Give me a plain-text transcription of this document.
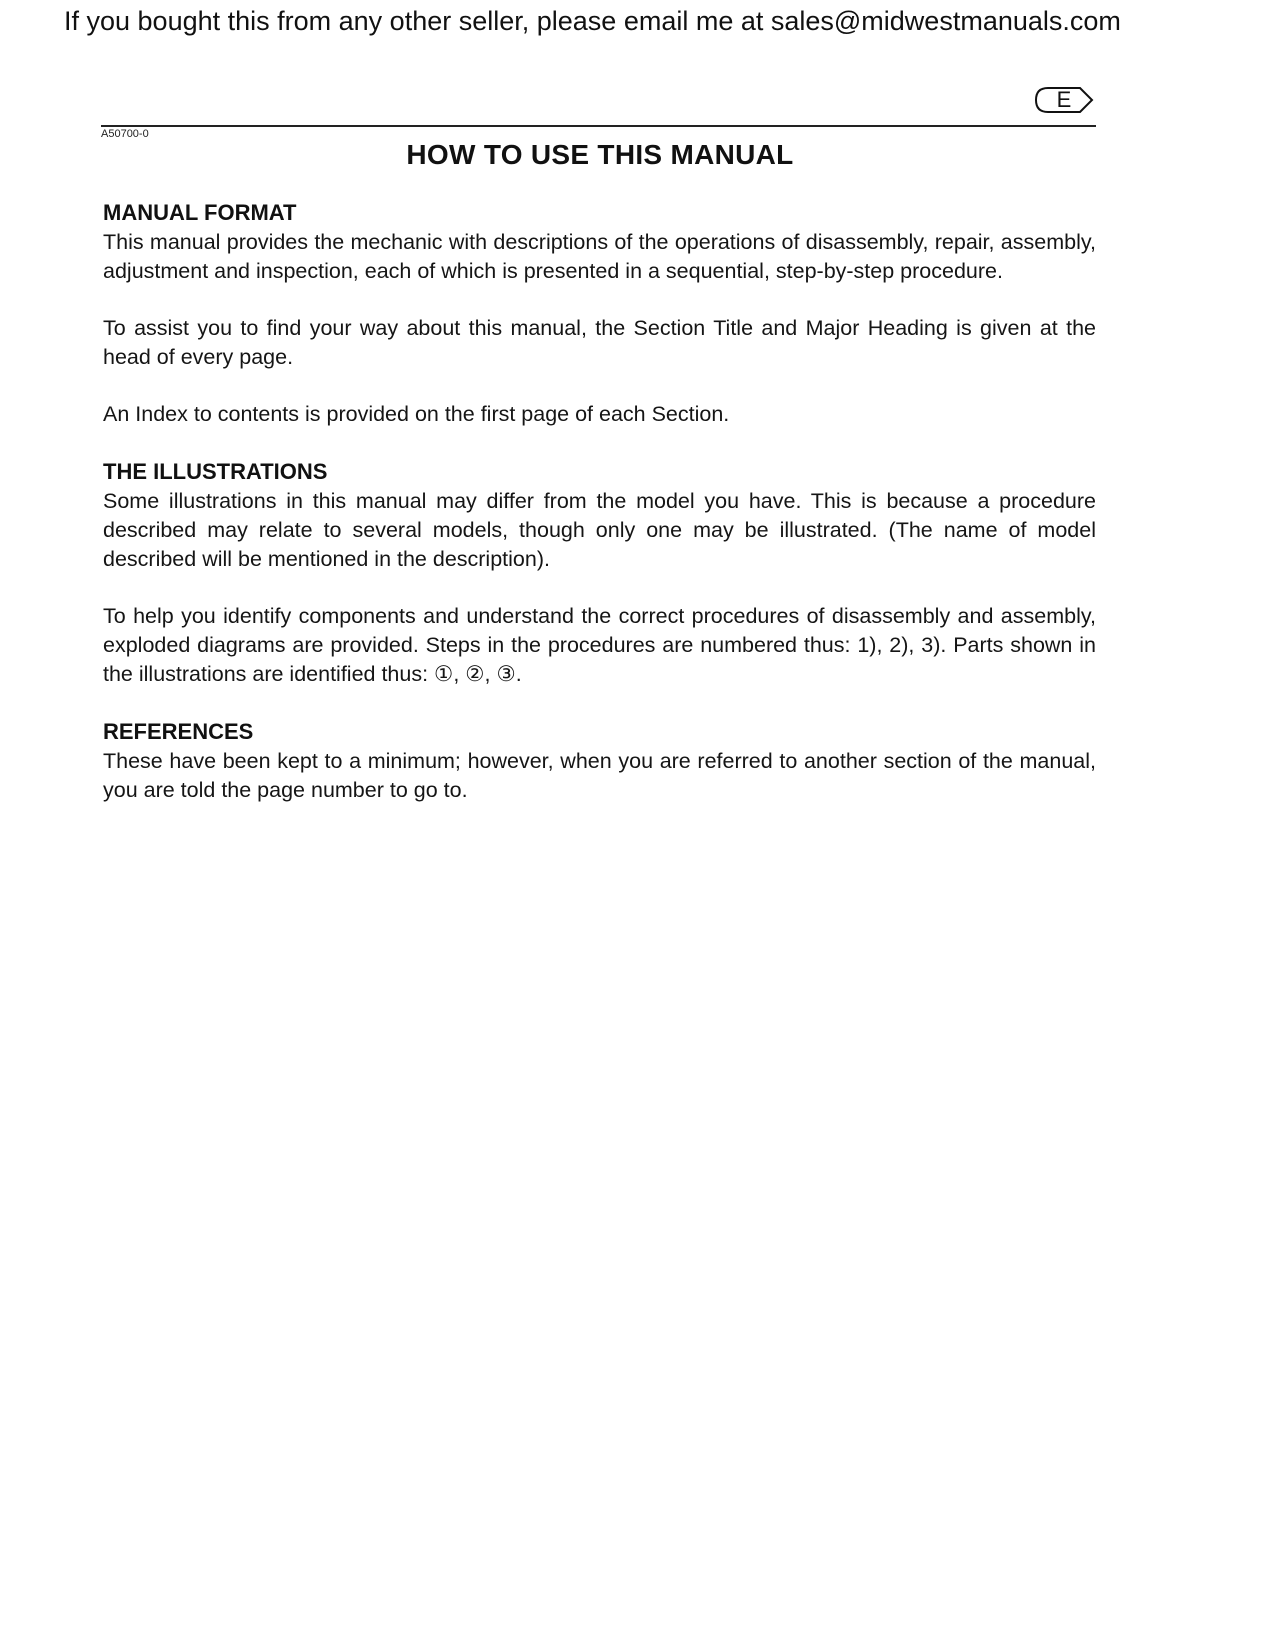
If you bought this from any other seller, please email me at sales@midwestmanuals.com

E

A50700-0

HOW TO USE THIS MANUAL
MANUAL FORMAT

This manual provides the mechanic with descriptions of the operations of disassembly, repair, assembly, adjustment and inspection, each of which is presented in a sequential, step-by-step procedure.

To assist you to find your way about this manual, the Section Title and Major Heading is given at the head of every page.

An Index to contents is provided on the first page of each Section.

THE ILLUSTRATIONS

Some illustrations in this manual may differ from the model you have. This is because a procedure described may relate to several models, though only one may be illustrated. (The name of model described will be mentioned in the description).

To help you identify components and understand the correct procedures of disassembly and assembly, exploded diagrams are provided. Steps in the procedures are numbered thus: 1), 2), 3). Parts shown in the illustrations are identified thus: ①, ②, ③.

REFERENCES

These have been kept to a minimum; however, when you are referred to another section of the manual, you are told the page number to go to.
